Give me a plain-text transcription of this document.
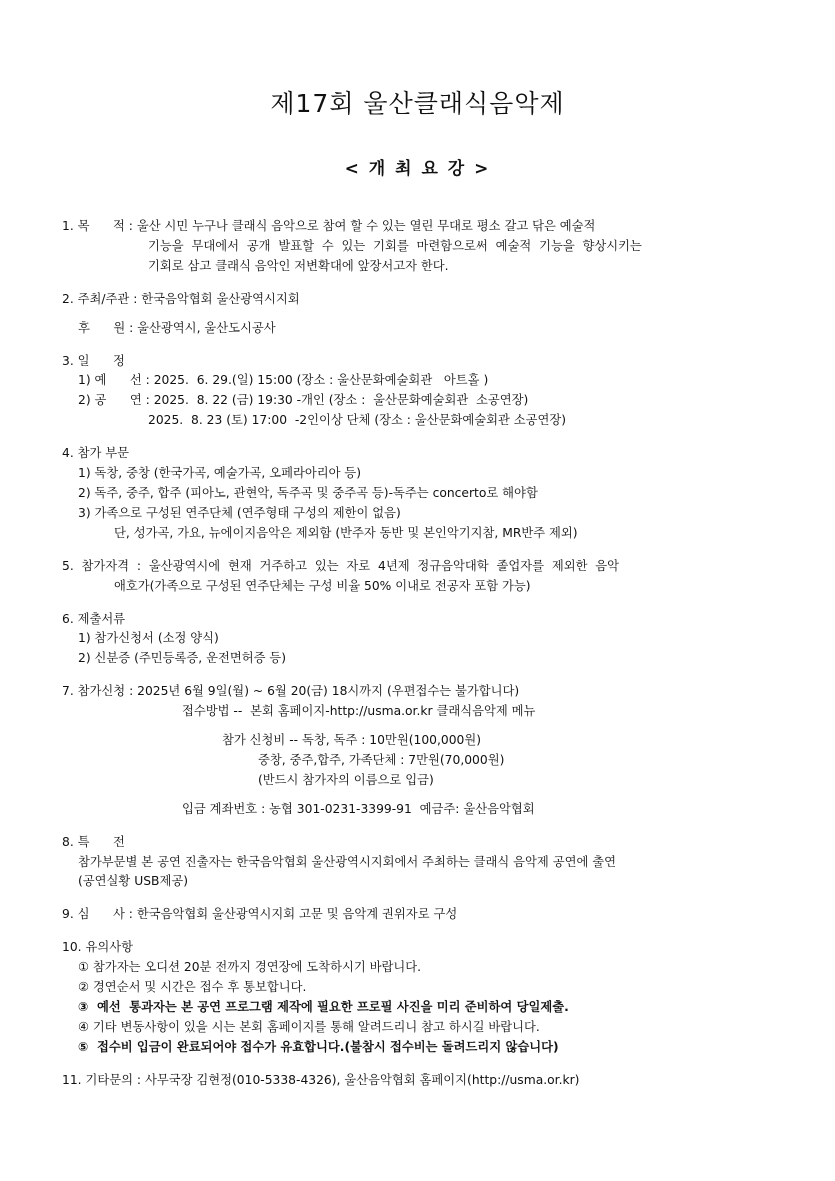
제17회 울산클래식음악제
< 개 최 요 강 >
1. 목      적 : 울산 시민 누구나 클래식 음악으로 참여 할 수 있는 열린 무대로 평소 갈고 닦은 예술적
기능을  무대에서  공개  발표할  수  있는  기회를  마련함으로써  예술적  기능을  향상시키는
기회로 삼고 클래식 음악인 저변확대에 앞장서고자 한다.
2. 주최/주관 : 한국음악협회 울산광역시지회
후      원 : 울산광역시, 울산도시공사
3. 일      정
1) 예      선 : 2025.  6. 29.(일) 15:00 (장소 : 울산문화예술회관   아트홀 )
2) 공      연 : 2025.  8. 22 (금) 19:30 -개인 (장소 :  울산문화예술회관  소공연장)
2025.  8. 23 (토) 17:00  -2인이상 단체 (장소 : 울산문화예술회관 소공연장)
4. 참가 부문
1) 독창, 중창 (한국가곡, 예술가곡, 오페라아리아 등)
2) 독주, 중주, 합주 (피아노, 관현악, 독주곡 및 중주곡 등)-독주는 concerto로 해야함
3) 가족으로 구성된 연주단체 (연주형태 구성의 제한이 없음)
단, 성가곡, 가요, 뉴에이지음악은 제외함 (반주자 동반 및 본인악기지참, MR반주 제외)
5.  참가자격  :  울산광역시에  현재  거주하고  있는  자로  4년제  정규음악대학  졸업자를  제외한  음악
애호가(가족으로 구성된 연주단체는 구성 비율 50% 이내로 전공자 포함 가능)
6. 제출서류
1) 참가신청서 (소정 양식)
2) 신분증 (주민등록증, 운전면허증 등)
7. 참가신청 : 2025년 6월 9일(월) ~ 6월 20(금) 18시까지 (우편접수는 불가합니다)
접수방법 --  본회 홈페이지-http://usma.or.kr 클래식음악제 메뉴
참가 신청비 -- 독창, 독주 : 10만원(100,000원)
중창, 중주,합주, 가족단체 : 7만원(70,000원)
(반드시 참가자의 이름으로 입금)
입금 계좌번호 : 농협 301-0231-3399-91  예금주: 울산음악협회
8. 특      전
참가부문별 본 공연 진출자는 한국음악협회 울산광역시지회에서 주최하는 클래식 음악제 공연에 출연
(공연실황 USB제공)
9. 심      사 : 한국음악협회 울산광역시지회 고문 및 음악계 권위자로 구성
10. 유의사항
① 참가자는 오디션 20분 전까지 경연장에 도착하시기 바랍니다.
② 경연순서 및 시간은 접수 후 통보합니다.
③  예선  통과자는 본 공연 프로그램 제작에 필요한 프로필 사진을 미리 준비하여 당일제출.
④ 기타 변동사항이 있을 시는 본회 홈페이지를 통해 알려드리니 참고 하시길 바랍니다.
⑤  접수비 입금이 완료되어야 접수가 유효합니다.(불참시 접수비는 돌려드리지 않습니다)
11. 기타문의 : 사무국장 김현정(010-5338-4326), 울산음악협회 홈페이지(http://usma.or.kr)
